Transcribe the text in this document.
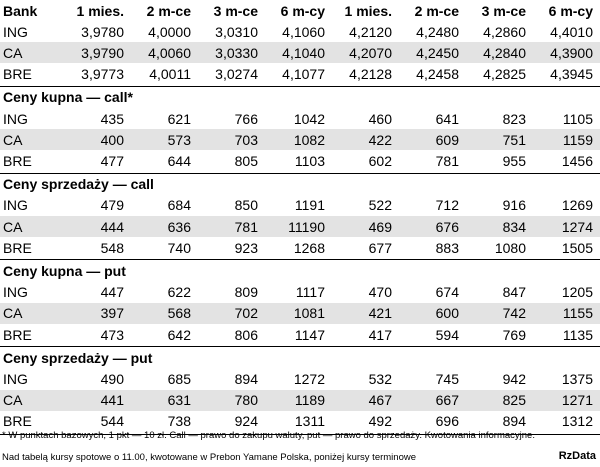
Bank	1 mies.	2 m-ce	3 m-ce	6 m-cy	1 mies.	2 m-ce	3 m-ce	6 m-cy
ING	3,9780	4,0000	3,0310	4,1060	4,2120	4,2480	4,2860	4,4010
CA	3,9790	4,0060	3,0330	4,1040	4,2070	4,2450	4,2840	4,3900
BRE	3,9773	4,0011	3,0274	4,1077	4,2128	4,2458	4,2825	4,3945
Ceny kupna — call*
ING	435	621	766	1042	460	641	823	1105
CA	400	573	703	1082	422	609	751	1159
BRE	477	644	805	1103	602	781	955	1456
Ceny sprzedaży — call
ING	479	684	850	1191	522	712	916	1269
CA	444	636	781	11190	469	676	834	1274
BRE	548	740	923	1268	677	883	1080	1505
Ceny kupna — put
ING	447	622	809	1117	470	674	847	1205
CA	397	568	702	1081	421	600	742	1155
BRE	473	642	806	1147	417	594	769	1135
Ceny sprzedaży — put
ING	490	685	894	1272	532	745	942	1375
CA	441	631	780	1189	467	667	825	1271
BRE	544	738	924	1311	492	696	894	1312
* W punktach bazowych, 1 pkt — 10 zł. Call — prawo do zakupu waluty, put — prawo do sprzedaży. Kwotowania informacyjne.
Nad tabelą kursy spotowe o 11.00, kwotowane w Prebon Yamane Polska, poniżej kursy terminowe	RzData
